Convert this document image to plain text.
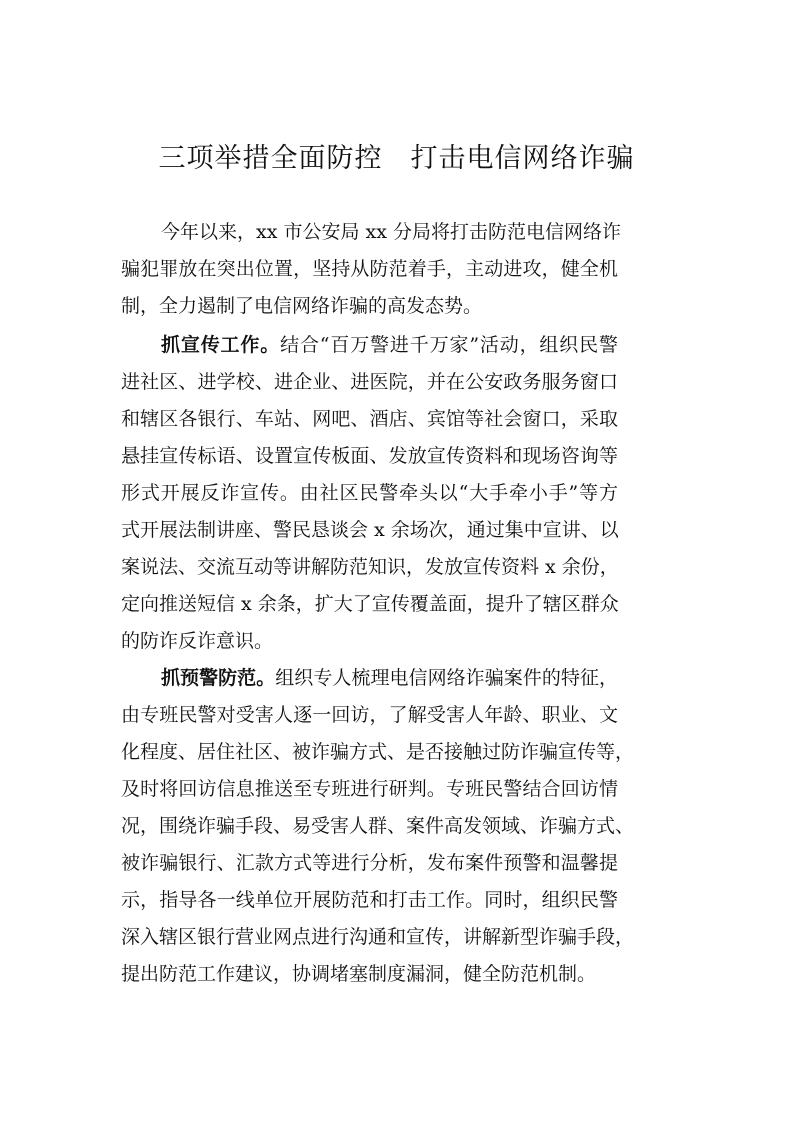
三项举措全面防控　打击电信网络诈骗
今年以来，xx 市公安局 xx 分局将打击防范电信网络诈
骗犯罪放在突出位置，坚持从防范着手，主动进攻，健全机
制，全力遏制了电信网络诈骗的高发态势。
抓宣传工作。结合“百万警进千万家”活动，组织民警
进社区、进学校、进企业、进医院，并在公安政务服务窗口
和辖区各银行、车站、网吧、酒店、宾馆等社会窗口，采取
悬挂宣传标语、设置宣传板面、发放宣传资料和现场咨询等
形式开展反诈宣传。由社区民警牵头以“大手牵小手”等方
式开展法制讲座、警民恳谈会 x 余场次，通过集中宣讲、以
案说法、交流互动等讲解防范知识，发放宣传资料 x 余份，
定向推送短信 x 余条，扩大了宣传覆盖面，提升了辖区群众
的防诈反诈意识。
抓预警防范。组织专人梳理电信网络诈骗案件的特征，
由专班民警对受害人逐一回访，了解受害人年龄、职业、文
化程度、居住社区、被诈骗方式、是否接触过防诈骗宣传等，
及时将回访信息推送至专班进行研判。专班民警结合回访情
况，围绕诈骗手段、易受害人群、案件高发领域、诈骗方式、
被诈骗银行、汇款方式等进行分析，发布案件预警和温馨提
示，指导各一线单位开展防范和打击工作。同时，组织民警
深入辖区银行营业网点进行沟通和宣传，讲解新型诈骗手段，
提出防范工作建议，协调堵塞制度漏洞，健全防范机制。
